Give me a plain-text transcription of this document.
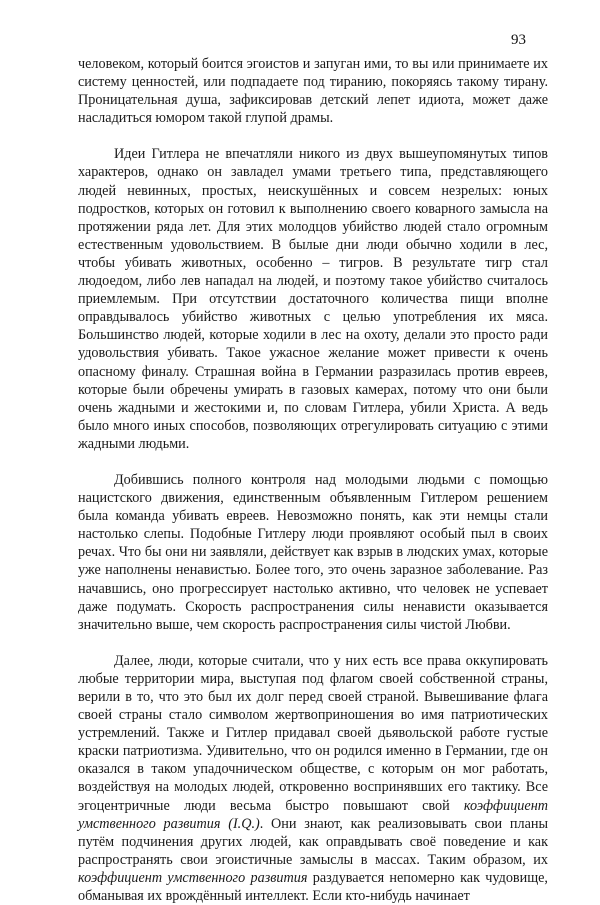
93

человеком, который боится эгоистов и запуган ими, то вы или принимаете их систему ценностей, или подпадаете под тиранию, покоряясь такому тирану. Проницательная душа, зафиксировав детский лепет идиота, может даже насладиться юмором такой глупой драмы.

Идеи Гитлера не впечатляли никого из двух вышеупомянутых типов характеров, однако он завладел умами третьего типа, представляющего людей невинных, простых, неискушённых и совсем незрелых: юных подростков, которых он готовил к выполнению своего коварного замысла на протяжении ряда лет. Для этих молодцов убийство людей стало огромным естественным удовольствием. В былые дни люди обычно ходили в лес, чтобы убивать животных, особенно – тигров. В результате тигр стал людоедом, либо лев нападал на людей, и поэтому такое убийство считалось приемлемым. При отсутствии достаточного количества пищи вполне оправдывалось убийство животных с целью употребления их мяса. Большинство людей, которые ходили в лес на охоту, делали это просто ради удовольствия убивать. Такое ужасное желание может привести к очень опасному финалу. Страшная война в Германии разразилась против евреев, которые были обречены умирать в газовых камерах, потому что они были очень жадными и жестокими и, по словам Гитлера, убили Христа. А ведь было много иных способов, позволяющих отрегулировать ситуацию с этими жадными людьми.

Добившись полного контроля над молодыми людьми с помощью нацистского движения, единственным объявленным Гитлером решением была команда убивать евреев. Невозможно понять, как эти немцы стали настолько слепы. Подобные Гитлеру люди проявляют особый пыл в своих речах. Что бы они ни заявляли, действует как взрыв в людских умах, которые уже наполнены ненавистью. Более того, это очень заразное заболевание. Раз начавшись, оно прогрессирует настолько активно, что человек не успевает даже подумать. Скорость распространения силы ненависти оказывается значительно выше, чем скорость распространения силы чистой Любви.

Далее, люди, которые считали, что у них есть все права оккупировать любые территории мира, выступая под флагом своей собственной страны, верили в то, что это был их долг перед своей страной. Вывешивание флага своей страны стало символом жертвоприношения во имя патриотических устремлений. Также и Гитлер придавал своей дьявольской работе густые краски патриотизма. Удивительно, что он родился именно в Германии, где он оказался в таком упадочническом обществе, с которым он мог работать, воздействуя на молодых людей, откровенно воспринявших его тактику. Все эгоцентричные люди весьма быстро повышают свой коэффициент умственного развития (I.Q.). Они знают, как реализовывать свои планы путём подчинения других людей, как оправдывать своё поведение и как распространять свои эгоистичные замыслы в массах. Таким образом, их коэффициент умственного развития раздувается непомерно как чудовище, обманывая их врождённый интеллект. Если кто-нибудь начинает
